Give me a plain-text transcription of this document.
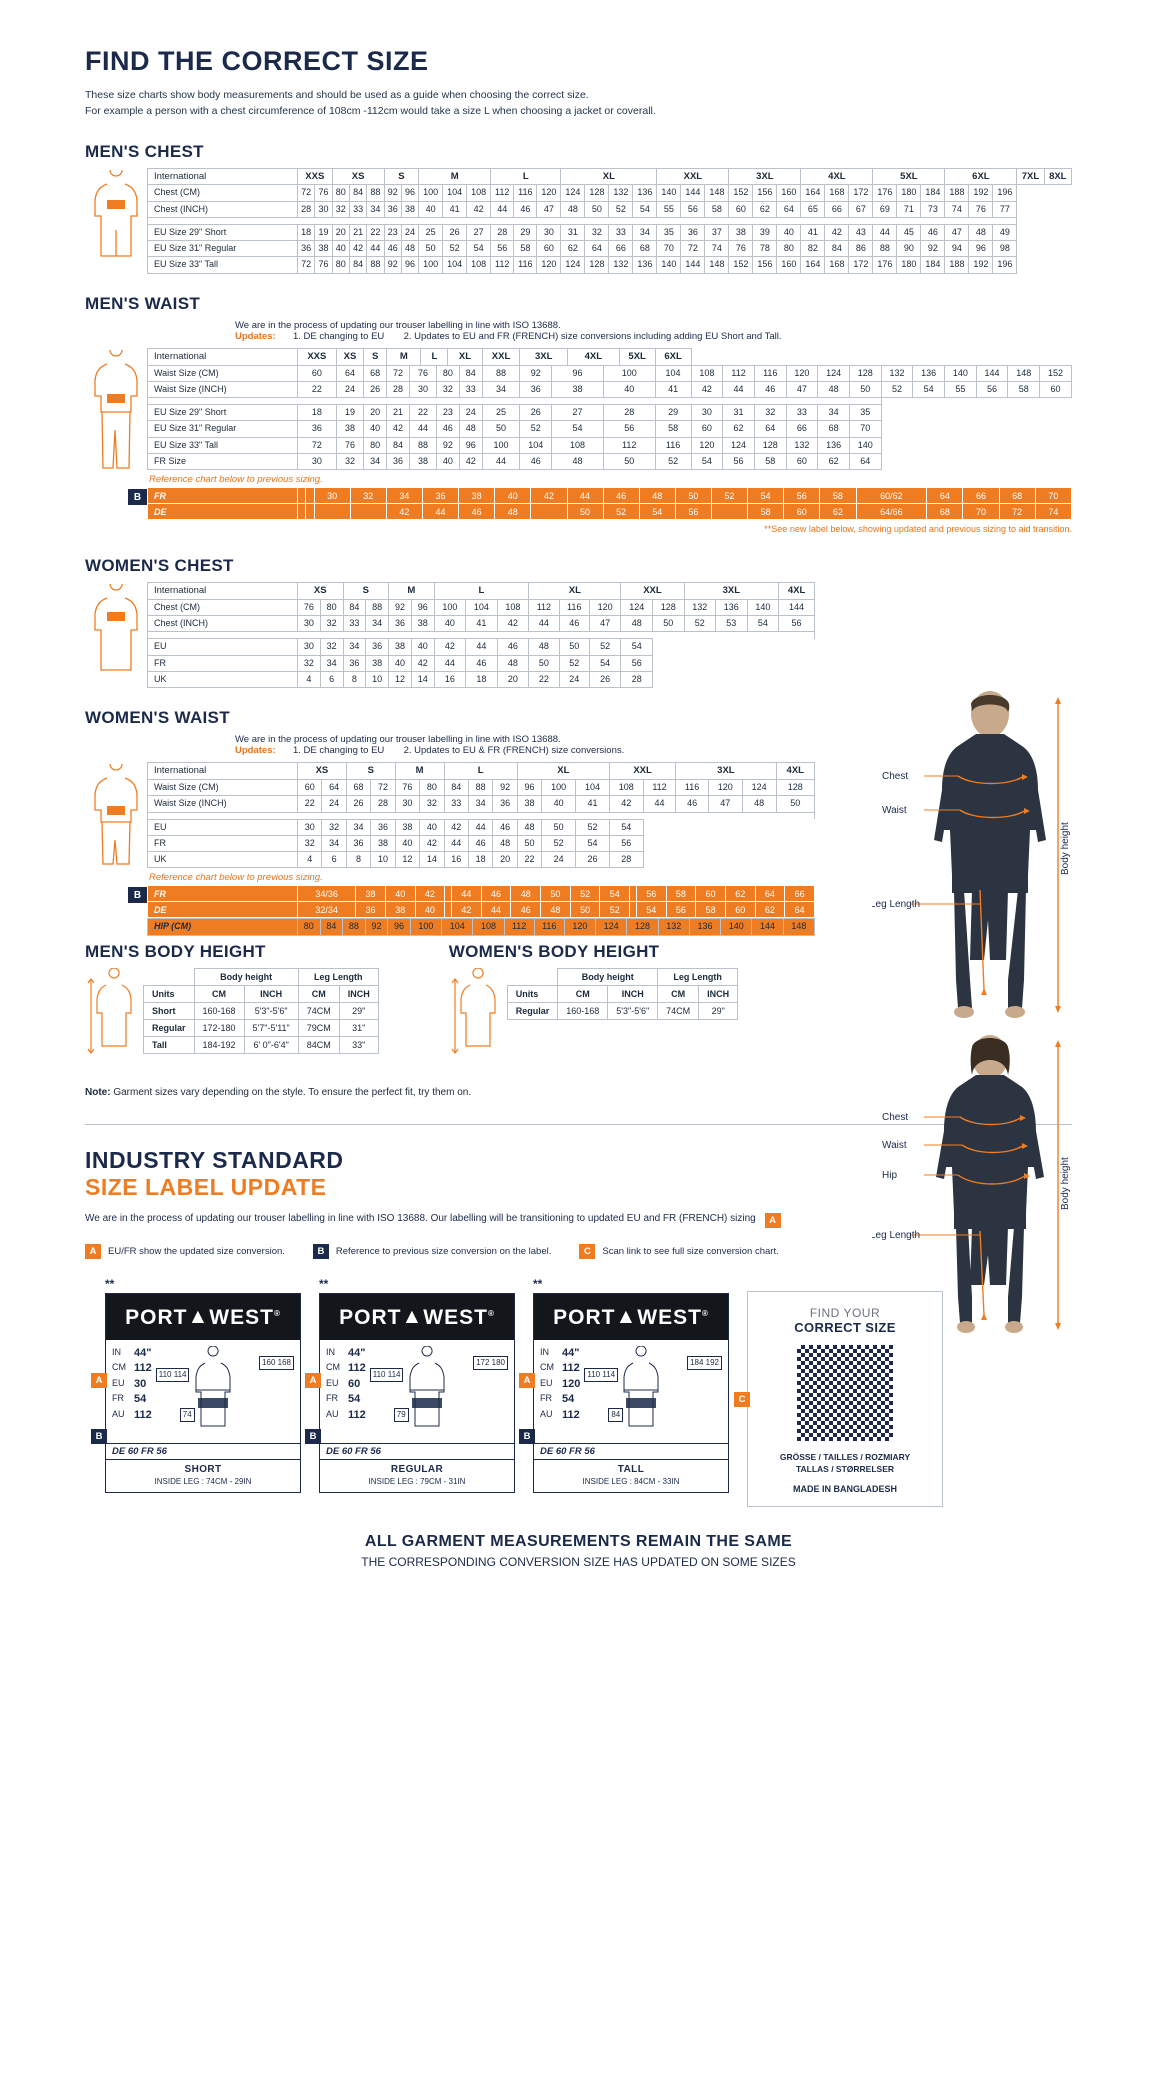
FIND THE CORRECT SIZE
These size charts show body measurements and should be used as a guide when choosing the correct size.
For example a person with a chest circumference of 108cm -112cm would take a size L when choosing a jacket or coverall.
MEN'S CHEST
International	XXS		XS			S		M			L			XL				XXL			3XL			4XL			5XL			6XL			7XL	8XL
Chest (CM)	72	76	80	84	88	92	96	100	104	108	112	116	120	124	128	132	136	140	144	148	152	156	160	164	168	172	176	180	184	188	192	196		
Chest (INCH)	28	30	32	33	34	36	38	40	41	42	44	46	47	48	50	52	54	55	56	58	60	62	64	65	66	67	69	71	73	74	76	77		

EU Size 29" Short	18	19	20	21	22	23	24	25	26	27	28	29	30	31	32	33	34	35	36	37	38	39	40	41	42	43	44	45	46	47	48	49		
EU Size 31" Regular	36	38	40	42	44	46	48	50	52	54	56	58	60	62	64	66	68	70	72	74	76	78	80	82	84	86	88	90	92	94	96	98		
EU Size 33" Tall	72	76	80	84	88	92	96	100	104	108	112	116	120	124	128	132	136	140	144	148	152	156	160	164	168	172	176	180	184	188	192	196		
MEN'S WAIST
We are in the process of updating our trouser labelling in line with ISO 13688.
Updates: 1. DE changing to EU 2. Updates to EU and FR (FRENCH) size conversions including adding EU Short and Tall.
International	XXS	XS	S	M		L		XL		XXL	3XL		4XL		5XL	6XL												
Waist Size (CM)	60	64	68	72	76		80		84	88	92	96		100		104	108	112	116	120	124	128	132	136	140	144	148	152
Waist Size (INCH)	22	24	26	28	30		32		33	34	36	38		40		41	42	44	46	47	48	50	52	54	55	56	58	60

EU Size 29" Short	18	19	20	21	22		23		24	25	26	27		28		29	30	31	32	33	34	35						
EU Size 31" Regular	36	38	40	42	44		46		48	50	52	54		56		58	60	62	64	66	68	70						
EU Size 33" Tall	72	76	80	84	88		92		96	100	104	108		112		116	120	124	128	132	136	140						
FR Size	30	32	34	36	38		40		42	44	46	48		50		52	54	56	58	60	62	64						
Reference chart below to previous sizing.
B	FR			30	32	34	36	38	40	42	44	46	48	50	52	54	56	58	60/62	64	66	68	70
DE					42	44	46	48		50	52	54	56		58	60	62	64/66	68	70	72	74
**See new label below, showing updated and previous sizing to aid transition.
WOMEN'S CHEST
International	XS		S		M		L			XL			XXL		3XL			4XL
Chest (CM)	76	80	84	88	92	96	100	104	108	112	116	120	124	128	132	136	140	144
Chest (INCH)	30	32	33	34	36	38	40	41	42	44	46	47	48	50	52	53	54	56

EU	30	32	34	36	38	40	42	44	46	48	50	52	54					
FR	32	34	36	38	40	42	44	46	48	50	52	54	56					
UK	4	6	8	10	12	14	16	18	20	22	24	26	28					
WOMEN'S WAIST
We are in the process of updating our trouser labelling in line with ISO 13688.
Updates: 1. DE changing to EU 2. Updates to EU & FR (FRENCH) size conversions.
International	XS		S		M		L			XL			XXL		3XL			4XL
Waist Size (CM)	60	64	68	72	76	80	84	88	92	96	100	104	108	112	116	120	124	128
Waist Size (INCH)	22	24	26	28	30	32	33	34	36	38	40	41	42	44	46	47	48	50

EU	30	32	34	36	38	40	42	44	46	48	50	52	54					
FR	32	34	36	38	40	42	44	46	48	50	52	54	56					
UK	4	6	8	10	12	14	16	18	20	22	24	26	28					
Reference chart below to previous sizing.
B	FR	34/36	38	40	42		44	46	48	50	52	54		56	58	60	62	64	66
DE	32/34	36	38	40		42	44	46	48	50	52		54	56	58	60	62	64
HIP (CM)	80	84	88	92	96	100	104	108	112	116	120	124	128	132	136	140	144	148
MEN'S BODY HEIGHT
	Body height		Leg Length	
Units	CM	INCH	CM	INCH
Short	160-168	5'3"-5'6"	74CM	29"
Regular	172-180	5'7"-5'11"	79CM	31"
Tall	184-192	6' 0"-6'4"	84CM	33"
WOMEN'S BODY HEIGHT
	Body height		Leg Length	
Units	CM	INCH	CM	INCH
Regular	160-168	5'3"-5'6"	74CM	29"
Chest
Waist
Leg Length
Body height
Chest
Waist
Hip
Leg Length
Body height
Note: Garment sizes vary depending on the style. To ensure the perfect fit, try them on.
INDUSTRY STANDARD
SIZE LABEL UPDATE
We are in the process of updating our trouser labelling in line with ISO 13688. Our labelling will be transitioning to updated EU and FR (FRENCH) sizing A
A	EU/FR show the updated size conversion.	B	Reference to previous size conversion on the label.	C	Scan link to see full size conversion chart.
**
PORT▲WEST®
IN	44"
CM 112
EU 30
FR 54
AU 112
110 114
74
160 168
DE 60 FR 56
SHORT
INSIDE LEG : 74CM - 29IN
A
B
**
PORT▲WEST®
IN	44"
CM 112
EU 60
FR 54
AU 112
110 114
79
172 180
DE 60 FR 56
REGULAR
INSIDE LEG : 79CM - 31IN
A
B
**
PORT▲WEST®
IN	44"
CM 112
EU 120
FR 54
AU 112
110 114
84
184 192
DE 60 FR 56
TALL
INSIDE LEG : 84CM - 33IN
A
B
FIND YOUR
CORRECT SIZE
GRÖSSE / TAILLES / ROZMIARY
TALLAS / STØRRELSER
MADE IN BANGLADESH
C
ALL GARMENT MEASUREMENTS REMAIN THE SAME
THE CORRESPONDING CONVERSION SIZE HAS UPDATED ON SOME SIZES
